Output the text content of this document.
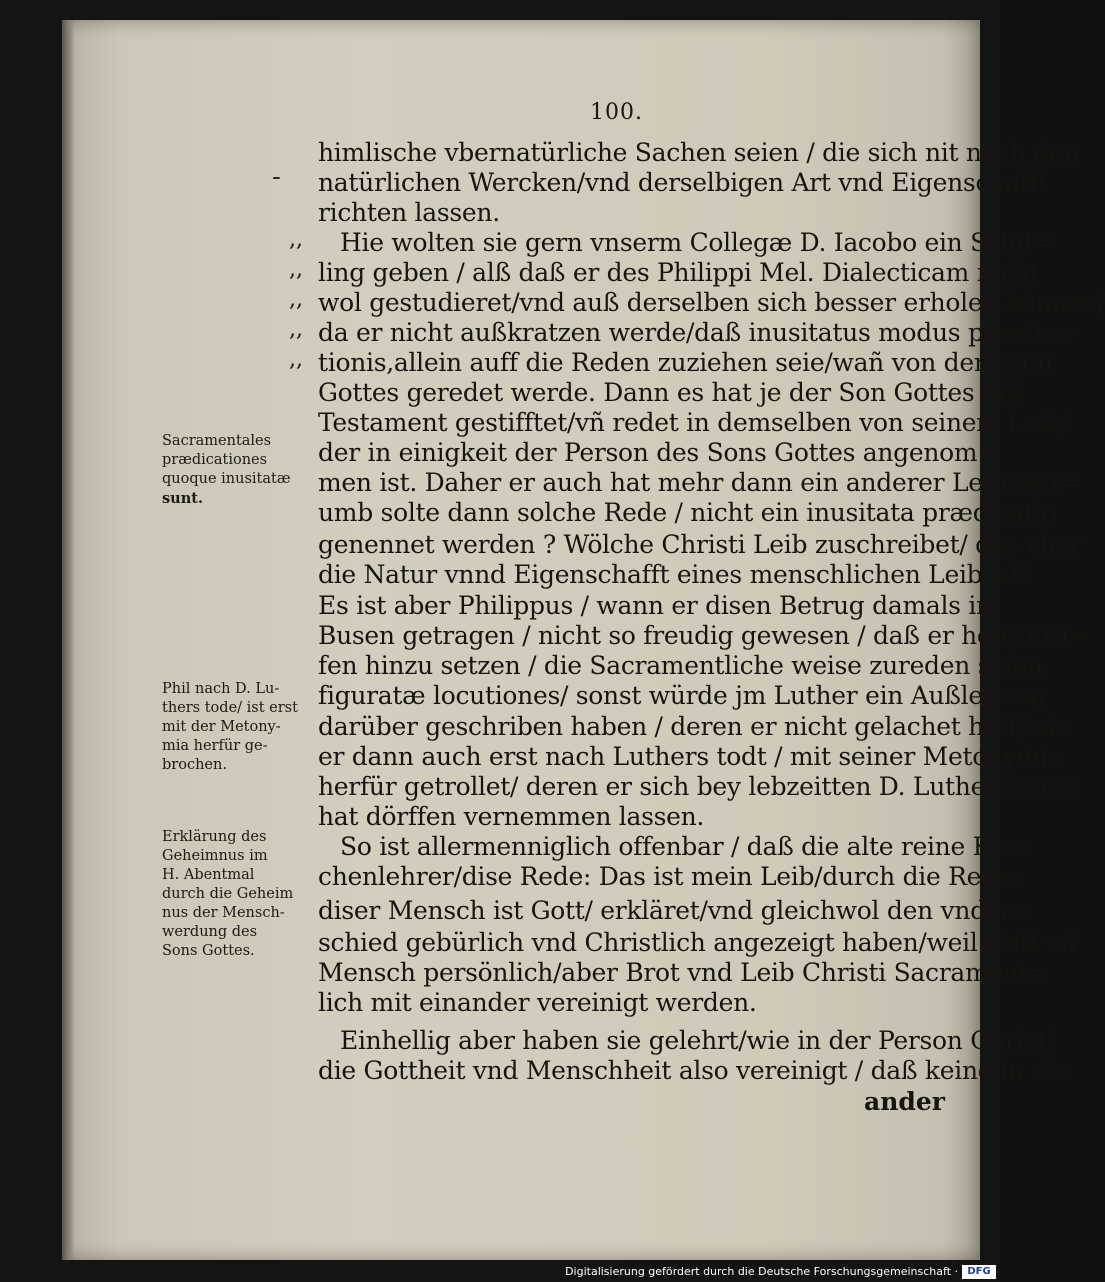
100.
-
,,
,,
,,
,,
,,
himlische vbernatürliche Sachen seien / die sich nit nach den
natürlichen Wercken/vnd derselbigen Art vnd Eigenschafft
richten lassen.
Hie wolten sie gern vnserm Collegæ D. Iacobo ein Schil=
ling geben / alß daß er des Philippi Mel. Dialecticam nicht
wol gestudieret/vnd auß derselben sich besser erholen können/
da er nicht außkratzen werde/daß inusitatus modus prædica-
tionis,allein auff die Reden zuziehen seie/wañ von dem Son
Gottes geredet werde. Dann es hat je der Son Gottes diß
Testament gestifftet/vñ redet in demselben von seinem Leib/
der in einigkeit der Person des Sons Gottes angenom=
men ist. Daher er auch hat mehr dann ein anderer Leib/war=
umb solte dann solche Rede / nicht ein inusitata prædicatio
genennet werden ? Wölche Christi Leib zuschreibet/ das vber
die Natur vnnd Eigenschafft eines menschlichen Leib ist?
Es ist aber Philippus / wann er disen Betrug damals im
Busen getragen / nicht so freudig gewesen / daß er hett dörf=
fen hinzu setzen / die Sacramentliche weise zureden seien
figuratæ locutiones/ sonst würde jm Luther ein Außlegung
darüber geschriben haben / deren er nicht gelachet hett/wie
er dann auch erst nach Luthers todt / mit seiner Metonymia
herfür getrollet/ deren er sich bey lebzeitten D. Luthers/nicht
hat dörffen vernemmen lassen.
So ist allermenniglich offenbar / daß die alte reine Kir=
chenlehrer/dise Rede: Das ist mein Leib/durch die Rede:
diser Mensch ist Gott/ erkläret/vnd gleichwol den vnder=
schied gebürlich vnd Christlich angezeigt haben/weil Gott vñ
Mensch persönlich/aber Brot vnd Leib Christi Sacrament=
lich mit einander vereinigt werden.
Einhellig aber haben sie gelehrt/wie in der Person Christi
die Gottheit vnd Menschheit also vereinigt / daß keine in die
ander
Sacramentales
prædicationes
quoque inusitatæ
sunt.
Phil nach D. Lu-
thers tode/ ist erst
mit der Metony-
mia herfür ge-
brochen.
Erklärung des
Geheimnus im
H. Abentmal
durch die Geheim
nus der Mensch-
werdung des
Sons Gottes.
Digitalisierung gefördert durch die Deutsche Forschungsgemeinschaft · DFG
